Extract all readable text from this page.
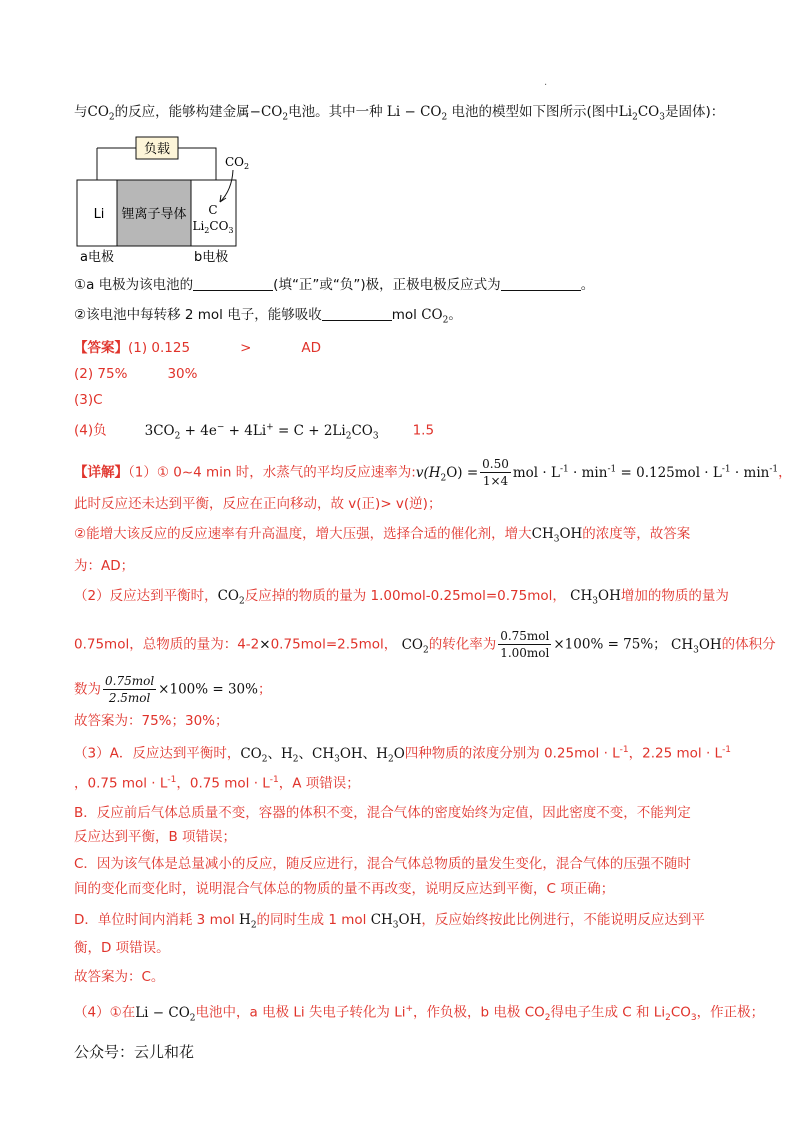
·
与$CO_2$的反应，能够构建金属$-CO_2$电池。其中一种 $Li - CO_2$ 电池的模型如下图所示(图中$Li_2CO_3$是固体)：
负载
锂离子导体
Li
$CO_2$
C
$Li_2CO_3$
a电极	b电极
①a 电极为该电池的	(填“正”或“负”)极，正极电极反应式为	。
②该电池中每转移 2 mol 电子，能够吸收	mol $CO_2$。
【答案】(1) 0.125	>	AD
(2) 75%	30%
(3)C
(4)负	$3CO_2 + 4e^- + 4Li^+ = C + 2Li_2CO_3$	1.5
【详解】（1）① 0~4 min 时，水蒸气的平均反应速率为$:v(H_2O) = \frac{0.50}{1\times 4}$ mol · $L^{-1} \cdot \min^{-1} = 0.125mol \cdot L^{-1} \cdot \min^{-1}$，
此时反应还未达到平衡，反应在正向移动，故 v(正)> v(逆)；
②能增大该反应的反应速率有升高温度，增大压强，选择合适的催化剂，增大$CH_3OH$的浓度等，故答案
为：AD；
（2）反应达到平衡时，$CO_2$反应掉的物质的量为 1.00mol-0.25mol=0.75mol， $CH_3OH$增加的物质的量为
0.75mol，总物质的量为：4-2×0.75mol=2.5mol， $CO_2$的转化率为 $\frac{\text{0.75mol}}{\text{1.00mol}} \times 100\% = 75\%$； $CH_3OH$的体积分
数为 $\frac{\text{0.75mol}}{\text{2.5mol}} \times 100\% = 30\%$；
故答案为：75%；30%；
（3）A．反应达到平衡时，$CO_2$、$H_2$、$CH_3OH$、$H_2O$四种物质的浓度分别为 $0.25mol \cdot L^{-1}$，2.25 mol · $L^{-1}$
，0.75 mol · $L^{-1}$，0.75 mol · $L^{-1}$，A 项错误；
B．反应前后气体总质量不变，容器的体积不变，混合气体的密度始终为定值，因此密度不变，不能判定
反应达到平衡，B 项错误；
C．因为该气体是总量减小的反应，随反应进行，混合气体总物质的量发生变化，混合气体的压强不随时
间的变化而变化时，说明混合气体总的物质的量不再改变，说明反应达到平衡，C 项正确；
D．单位时间内消耗 3 mol $H_2$的同时生成 1 mol $CH_3OH$，反应始终按此比例进行，不能说明反应达到平
衡，D 项错误。
故答案为：C。
（4）①在$Li - CO_2$电池中，a 电极 Li 失电子转化为 Li+，作负极，b 电极 $CO_2$得电子生成 C 和 $Li_2CO_3$，作正极；
公众号：云儿和花
